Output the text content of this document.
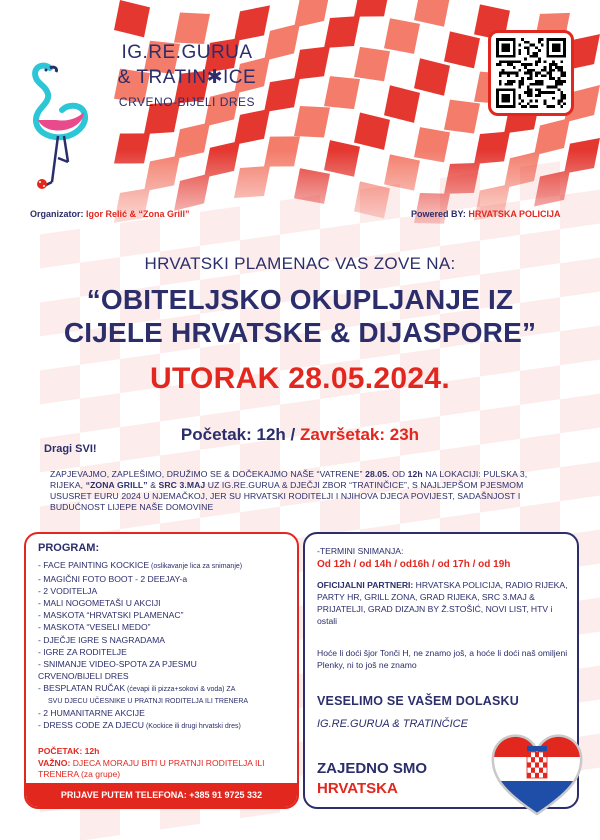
IG.RE.GURUA
& TRATIN✱ICE
CRVENO-BIJELI DRES
Organizator: Igor Relić & “Zona Grill”	Powered BY: HRVATSKA POLICIJA
HRVATSKI PLAMENAC VAS ZOVE NA:
“OBITELJSKO OKUPLJANJE IZ
CIJELE HRVATSKE & DIJASPORE”
UTORAK 28.05.2024.
Početak: 12h / Završetak: 23h
Dragi SVI!
ZAPJEVAJMO, ZAPLEŠIMO, DRUŽIMO SE & DOČEKAJMO NAŠE “VATRENE” 28.05. OD 12h NA LOKACIJI: PULSKA 3, RIJEKA, “ZONA GRILL” & SRC 3.MAJ UZ IG.RE.GURUA & DJEČJI ZBOR “TRATINČICE”, S NAJLJEPŠOM PJESMOM USUSRET EURU 2024 U NJEMAČKOJ, JER SU HRVATSKI RODITELJI I NJIHOVA DJECA POVIJEST, SADAŠNJOST I BUDUĆNOST LIJEPE NAŠE DOMOVINE
PROGRAM:
- FACE PAINTING KOCKICE (oslikavanje lica za snimanje)
- MAGIČNI FOTO BOOT - 2 DEEJAY-a
- 2 VODITELJA
- MALI NOGOMETAŠI U AKCIJI
- MASKOTA “HRVATSKI PLAMENAC”
- MASKOTA “VESELI MEDO”
- DJEČJE IGRE S NAGRADAMA
- IGRE ZA RODITELJE
- SNIMANJE VIDEO-SPOTA ZA PJESMU
CRVENO/BIJELI DRES
- BESPLATAN RUČAK (ćevapi ili pizza+sokovi & voda) ZA
SVU DJECU UČESNIKE U PRATNJI RODITELJA ILI TRENERA
- 2 HUMANITARNE AKCIJE
- DRESS CODE ZA DJECU (Kockice ili drugi hrvatski dres)
POČETAK: 12h
VAŽNO: DJECA MORAJU BITI U PRATNJI RODITELJA ILI TRENERA (za grupe)
PRIJAVE PUTEM TELEFONA: +385 91 9725 332
-TERMINI SNIMANJA:
Od 12h / od 14h / od16h / od 17h / od 19h
OFICIJALNI PARTNERI: HRVATSKA POLICIJA, RADIO RIJEKA, PARTY HR, GRILL ZONA, GRAD RIJEKA, SRC 3.MAJ & PRIJATELJI, GRAD DIZAJN BY Ž.STOŠIĆ, NOVI LIST, HTV i ostali
Hoće li doći šjor Tonči H, ne znamo još, a hoće li doći naš omiljeni Plenky, ni to još ne znamo
VESELIMO SE VAŠEM DOLASKU
IG.RE.GURUA & TRATINČICE
ZAJEDNO SMO
HRVATSKA
